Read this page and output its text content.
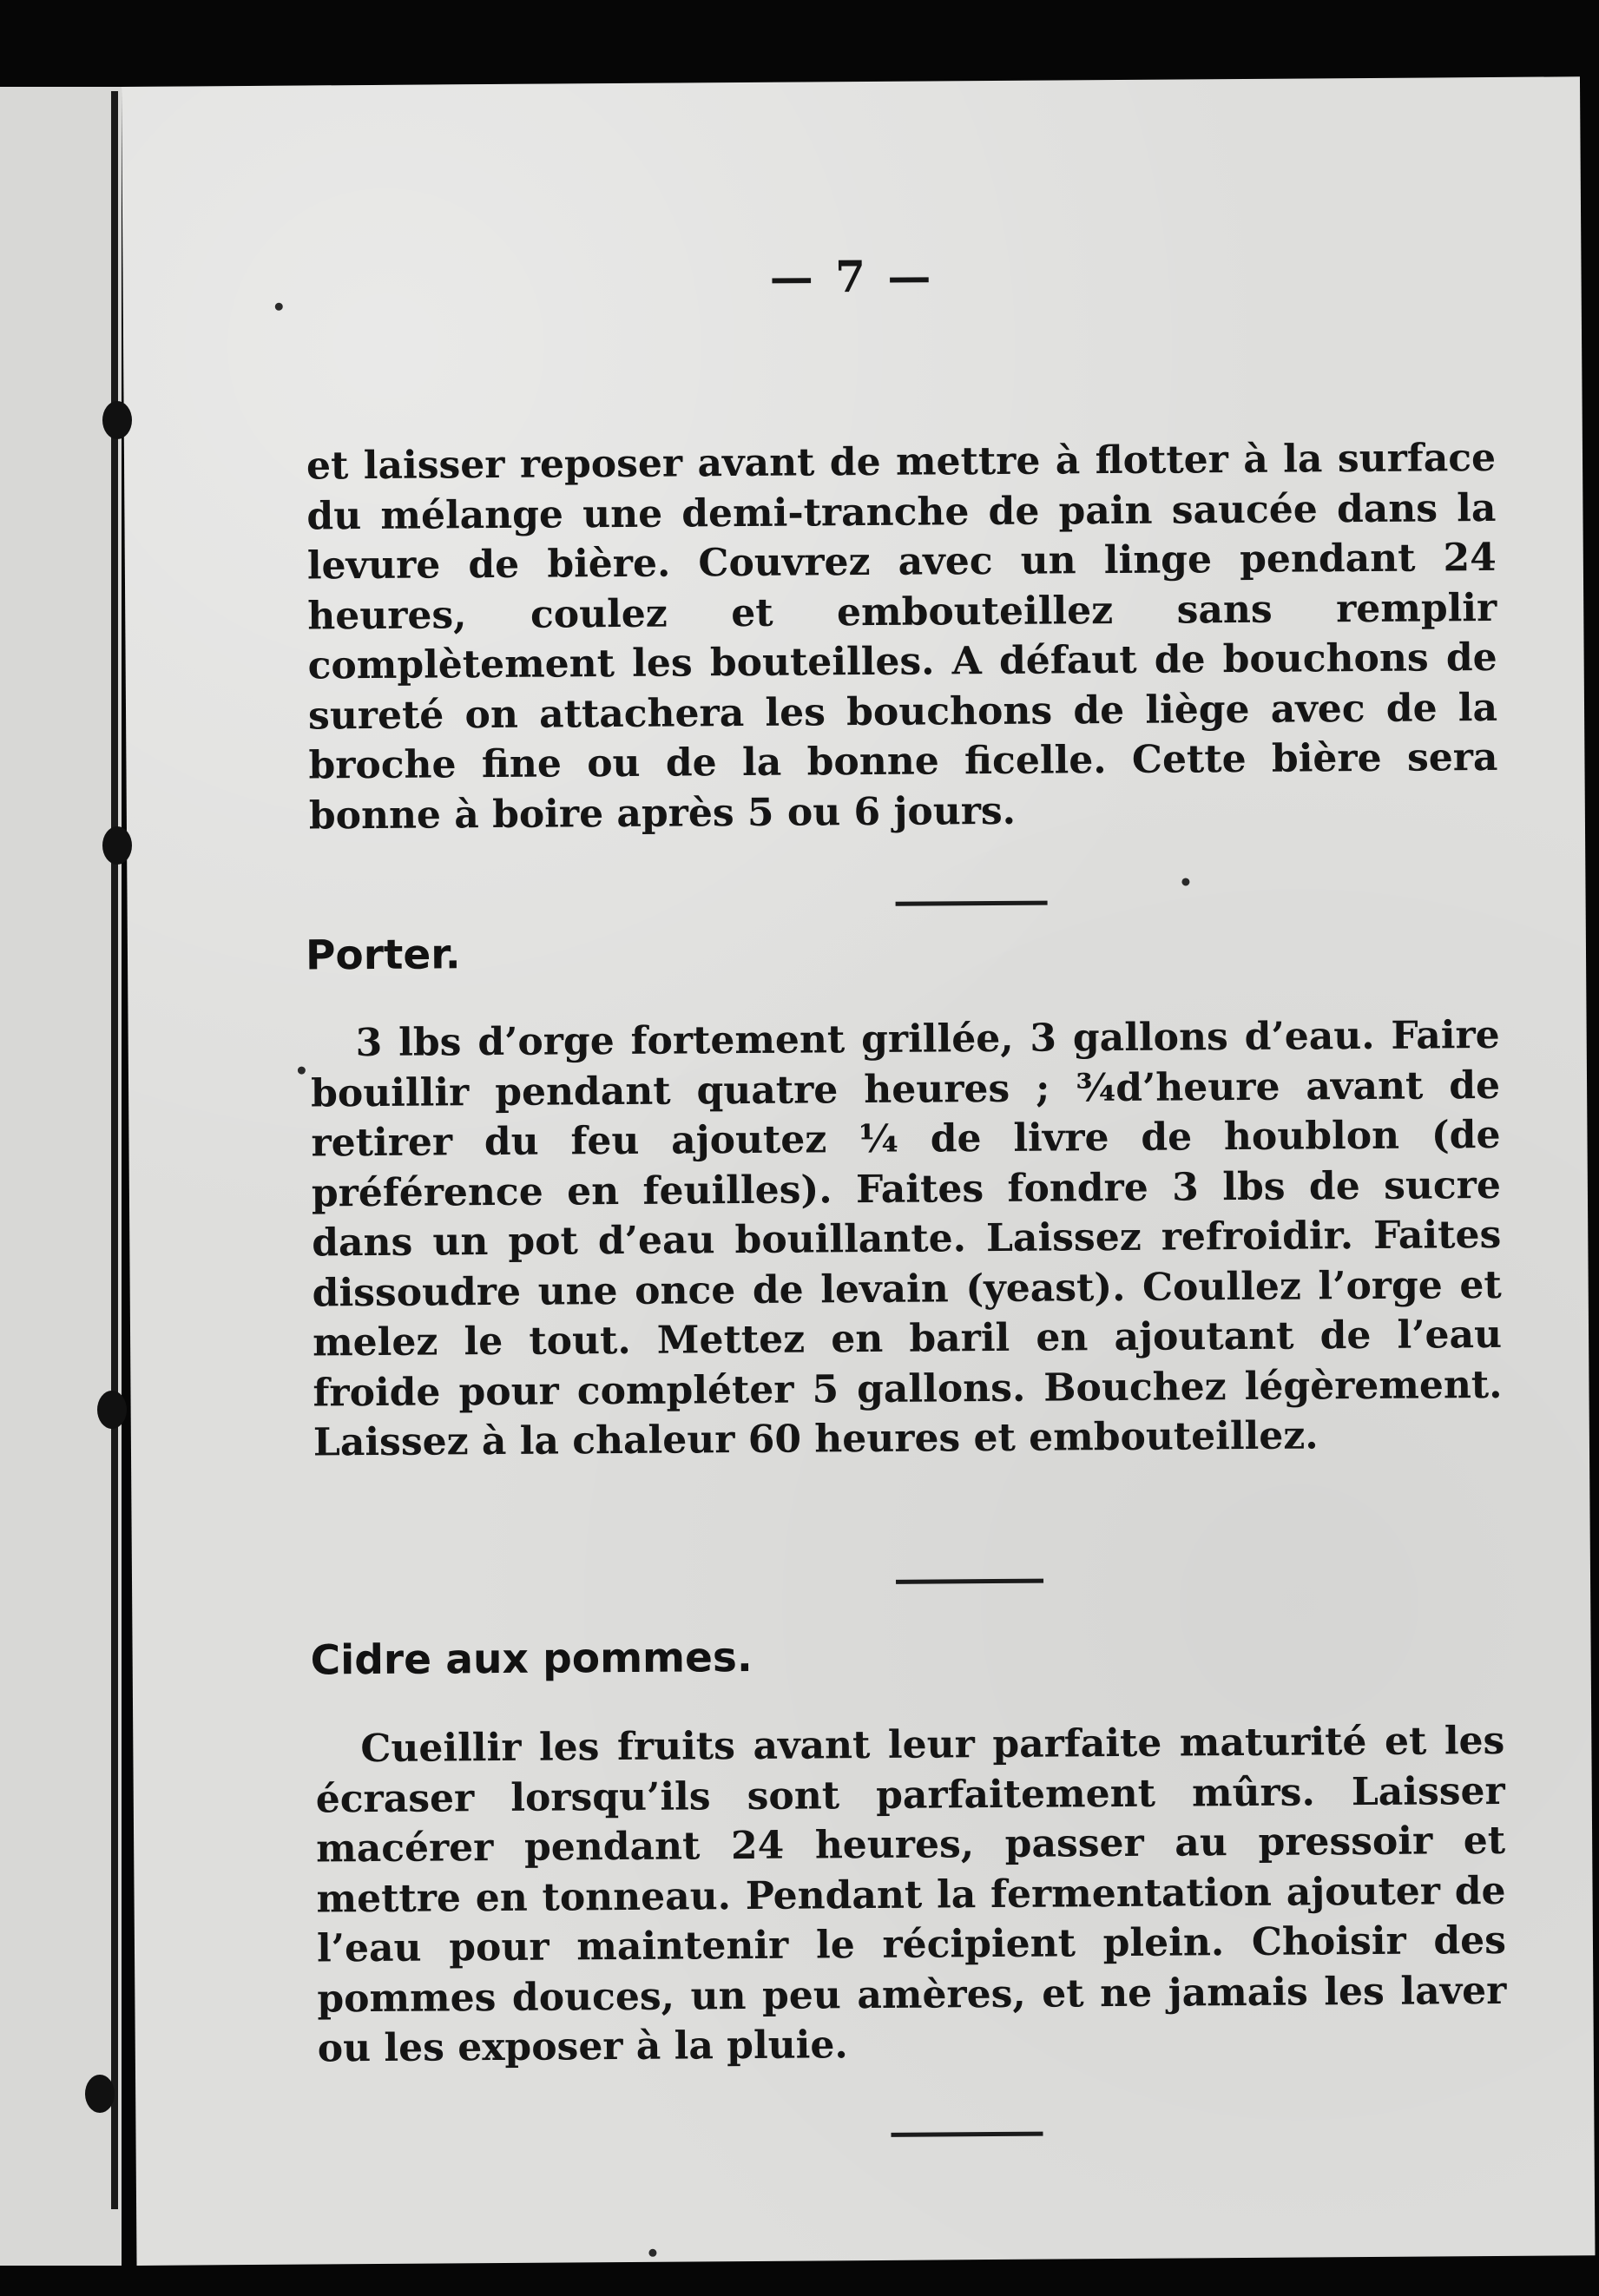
— 7 —

et laisser reposer avant de mettre à flotter à la surface du mélange une demi-tranche de pain saucée dans la levure de bière. Couvrez avec un linge pendant 24 heures, coulez et embouteillez sans remplir complètement les bouteilles. A défaut de bouchons de sureté on attachera les bouchons de liège avec de la broche fine ou de la bonne ficelle. Cette bière sera bonne à boire après 5 ou 6 jours.

Porter.

3 lbs d’orge fortement grillée, 3 gallons d’eau. Faire bouillir pendant quatre heures ; ¾d’heure avant de retirer du feu ajoutez ¼ de livre de houblon (de préférence en feuilles). Faites fondre 3 lbs de sucre dans un pot d’eau bouillante. Laissez refroidir. Faites dissoudre une once de levain (yeast). Coullez l’orge et melez le tout. Mettez en baril en ajoutant de l’eau froide pour compléter 5 gallons. Bouchez légèrement. Laissez à la chaleur 60 heures et embouteillez.

Cidre aux pommes.

Cueillir les fruits avant leur parfaite maturité et les écraser lorsqu’ils sont parfaitement mûrs. Laisser macérer pendant 24 heures, passer au pressoir et mettre en tonneau. Pendant la fermentation ajouter de l’eau pour maintenir le récipient plein. Choisir des pommes douces, un peu amères, et ne jamais les laver ou les exposer à la pluie.
